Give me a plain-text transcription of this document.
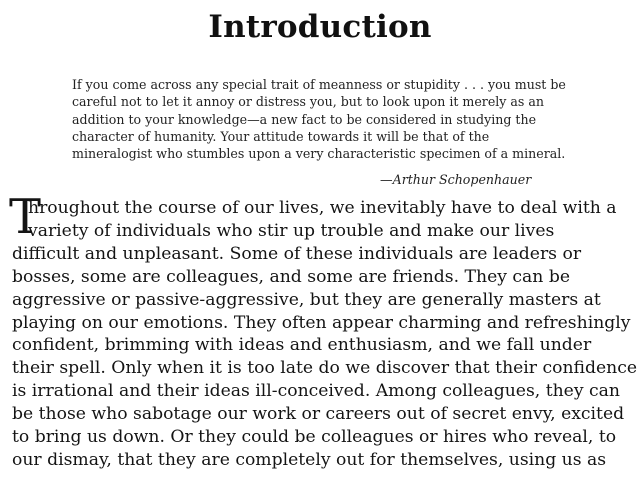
Introduction
If you come across any special trait of meanness or stupidity . . . you must be
careful not to let it annoy or distress you, but to look upon it merely as an
addition to your knowledge—a new fact to be considered in studying the
character of humanity. Your attitude towards it will be that of the
mineralogist who stumbles upon a very characteristic specimen of a mineral.
—Arthur Schopenhauer
T
hroughout the course of our lives, we inevitably have to deal with a
variety of individuals who stir up trouble and make our lives
difficult and unpleasant. Some of these individuals are leaders or
bosses, some are colleagues, and some are friends. They can be
aggressive or passive-aggressive, but they are generally masters at
playing on our emotions. They often appear charming and refreshingly
confident, brimming with ideas and enthusiasm, and we fall under
their spell. Only when it is too late do we discover that their confidence
is irrational and their ideas ill-conceived. Among colleagues, they can
be those who sabotage our work or careers out of secret envy, excited
to bring us down. Or they could be colleagues or hires who reveal, to
our dismay, that they are completely out for themselves, using us as
